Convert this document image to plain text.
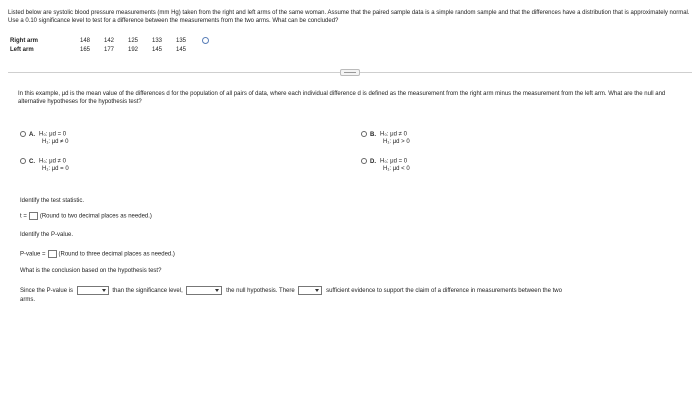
Listed below are systolic blood pressure measurements (mm Hg) taken from the right and left arms of the same woman. Assume that the paired sample data is a simple random sample and that the differences have a distribution that is approximately normal. Use a 0.10 significance level to test for a difference between the measurements from the two arms. What can be concluded?
Right arm		148	142	125	133	135	
Left arm		165	177	192	145	145	
In this example, μd is the mean value of the differences d for the population of all pairs of data, where each individual difference d is defined as the measurement from the right arm minus the measurement from the left arm. What are the null and alternative hypotheses for the hypothesis test?
A. H₀: μd = 0
H₁: μd ≠ 0
B. H₀: μd ≠ 0
H₁: μd > 0
C. H₀: μd ≠ 0
H₁: μd = 0
D. H₀: μd = 0
H₁: μd < 0
Identify the test statistic.
t = (Round to two decimal places as needed.)
Identify the P-value.
P-value = (Round to three decimal places as needed.)
What is the conclusion based on the hypothesis test?
Since the P-value is	than the significance level,	the null hypothesis. There	sufficient evidence to support the claim of a difference in measurements between the two
arms.
